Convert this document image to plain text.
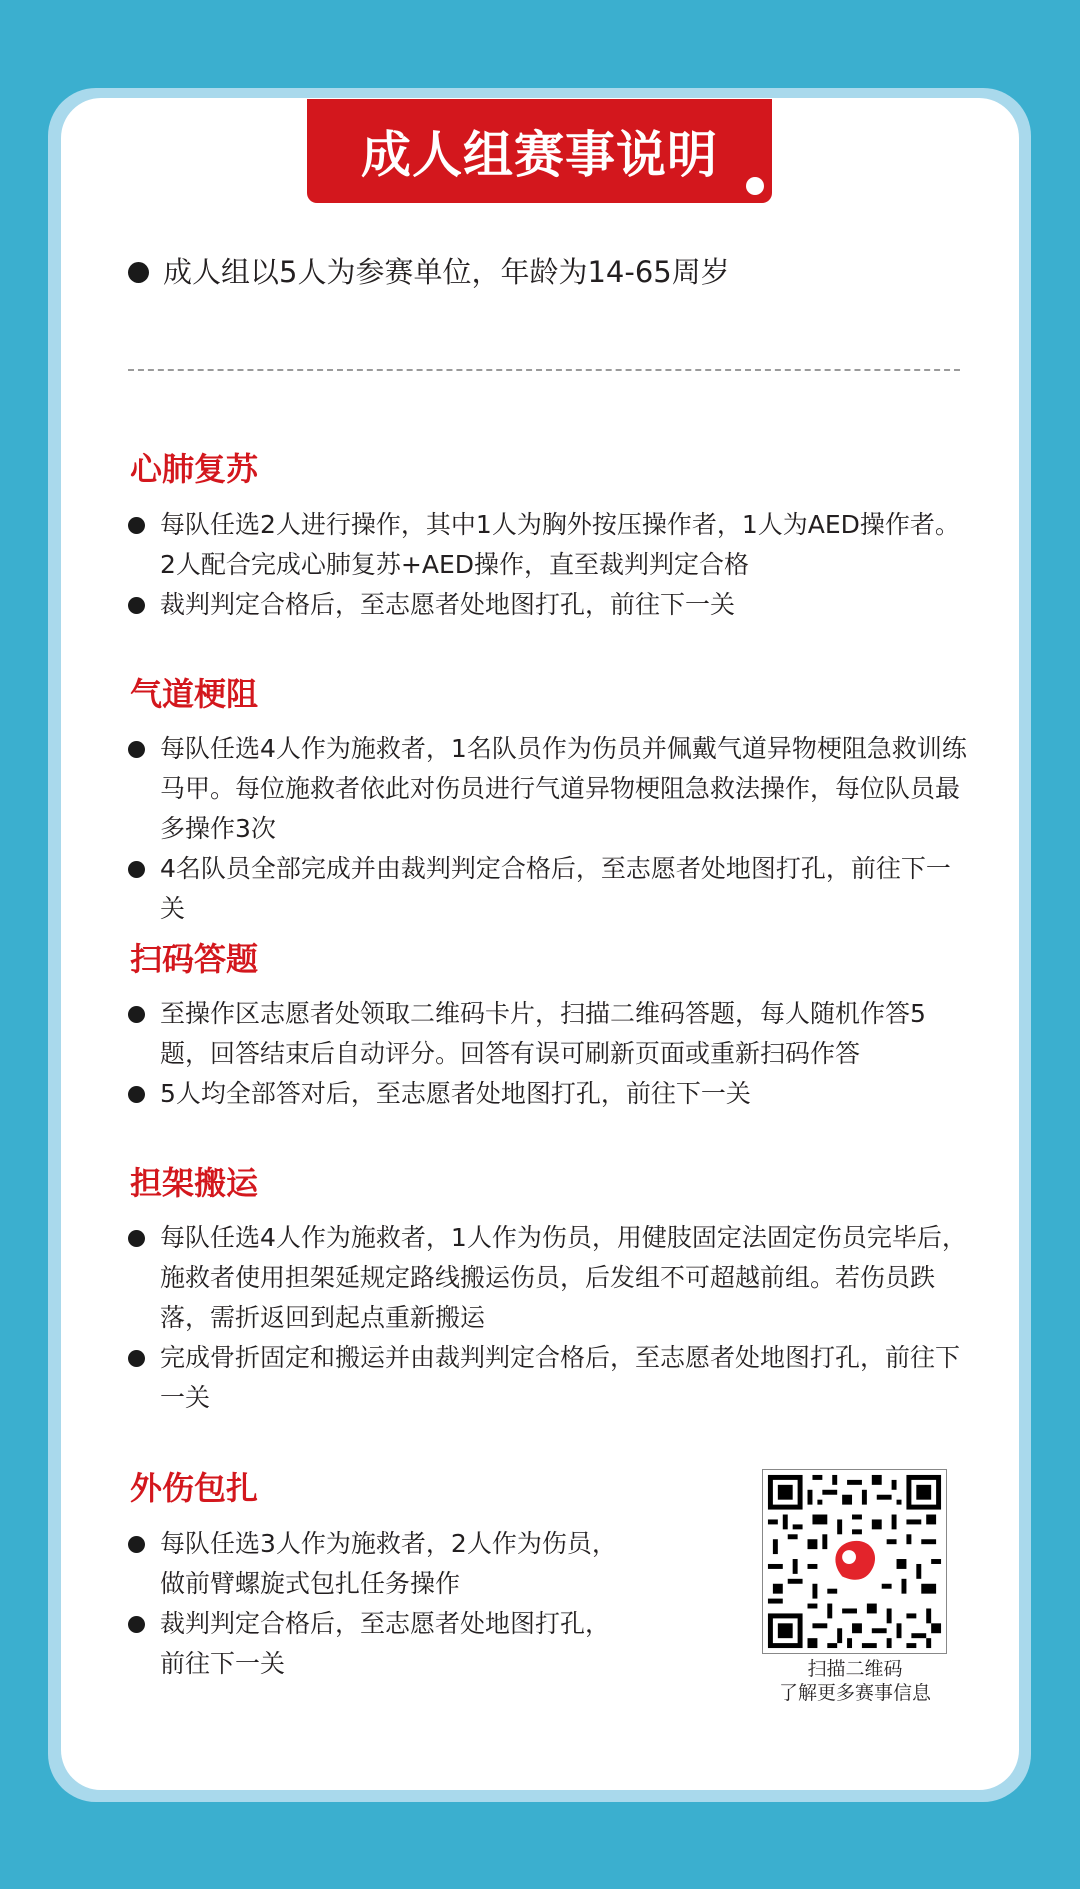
成人组赛事说明
成人组以5人为参赛单位，年龄为14-65周岁
心肺复苏
每队任选2人进行操作，其中1人为胸外按压操作者，1人为AED操作者。2人配合完成心肺复苏+AED操作，直至裁判判定合格
裁判判定合格后，至志愿者处地图打孔，前往下一关
气道梗阻
每队任选4人作为施救者，1名队员作为伤员并佩戴气道异物梗阻急救训练马甲。每位施救者依此对伤员进行气道异物梗阻急救法操作，每位队员最多操作3次
4名队员全部完成并由裁判判定合格后，至志愿者处地图打孔，前往下一关
扫码答题
至操作区志愿者处领取二维码卡片，扫描二维码答题，每人随机作答5题，回答结束后自动评分。回答有误可刷新页面或重新扫码作答
5人均全部答对后，至志愿者处地图打孔，前往下一关
担架搬运
每队任选4人作为施救者，1人作为伤员，用健肢固定法固定伤员完毕后，施救者使用担架延规定路线搬运伤员，后发组不可超越前组。若伤员跌落，需折返回到起点重新搬运
完成骨折固定和搬运并由裁判判定合格后，至志愿者处地图打孔，前往下一关
外伤包扎
每队任选3人作为施救者，2人作为伤员，做前臂螺旋式包扎任务操作
裁判判定合格后，至志愿者处地图打孔，前往下一关	扫描二维码
了解更多赛事信息
